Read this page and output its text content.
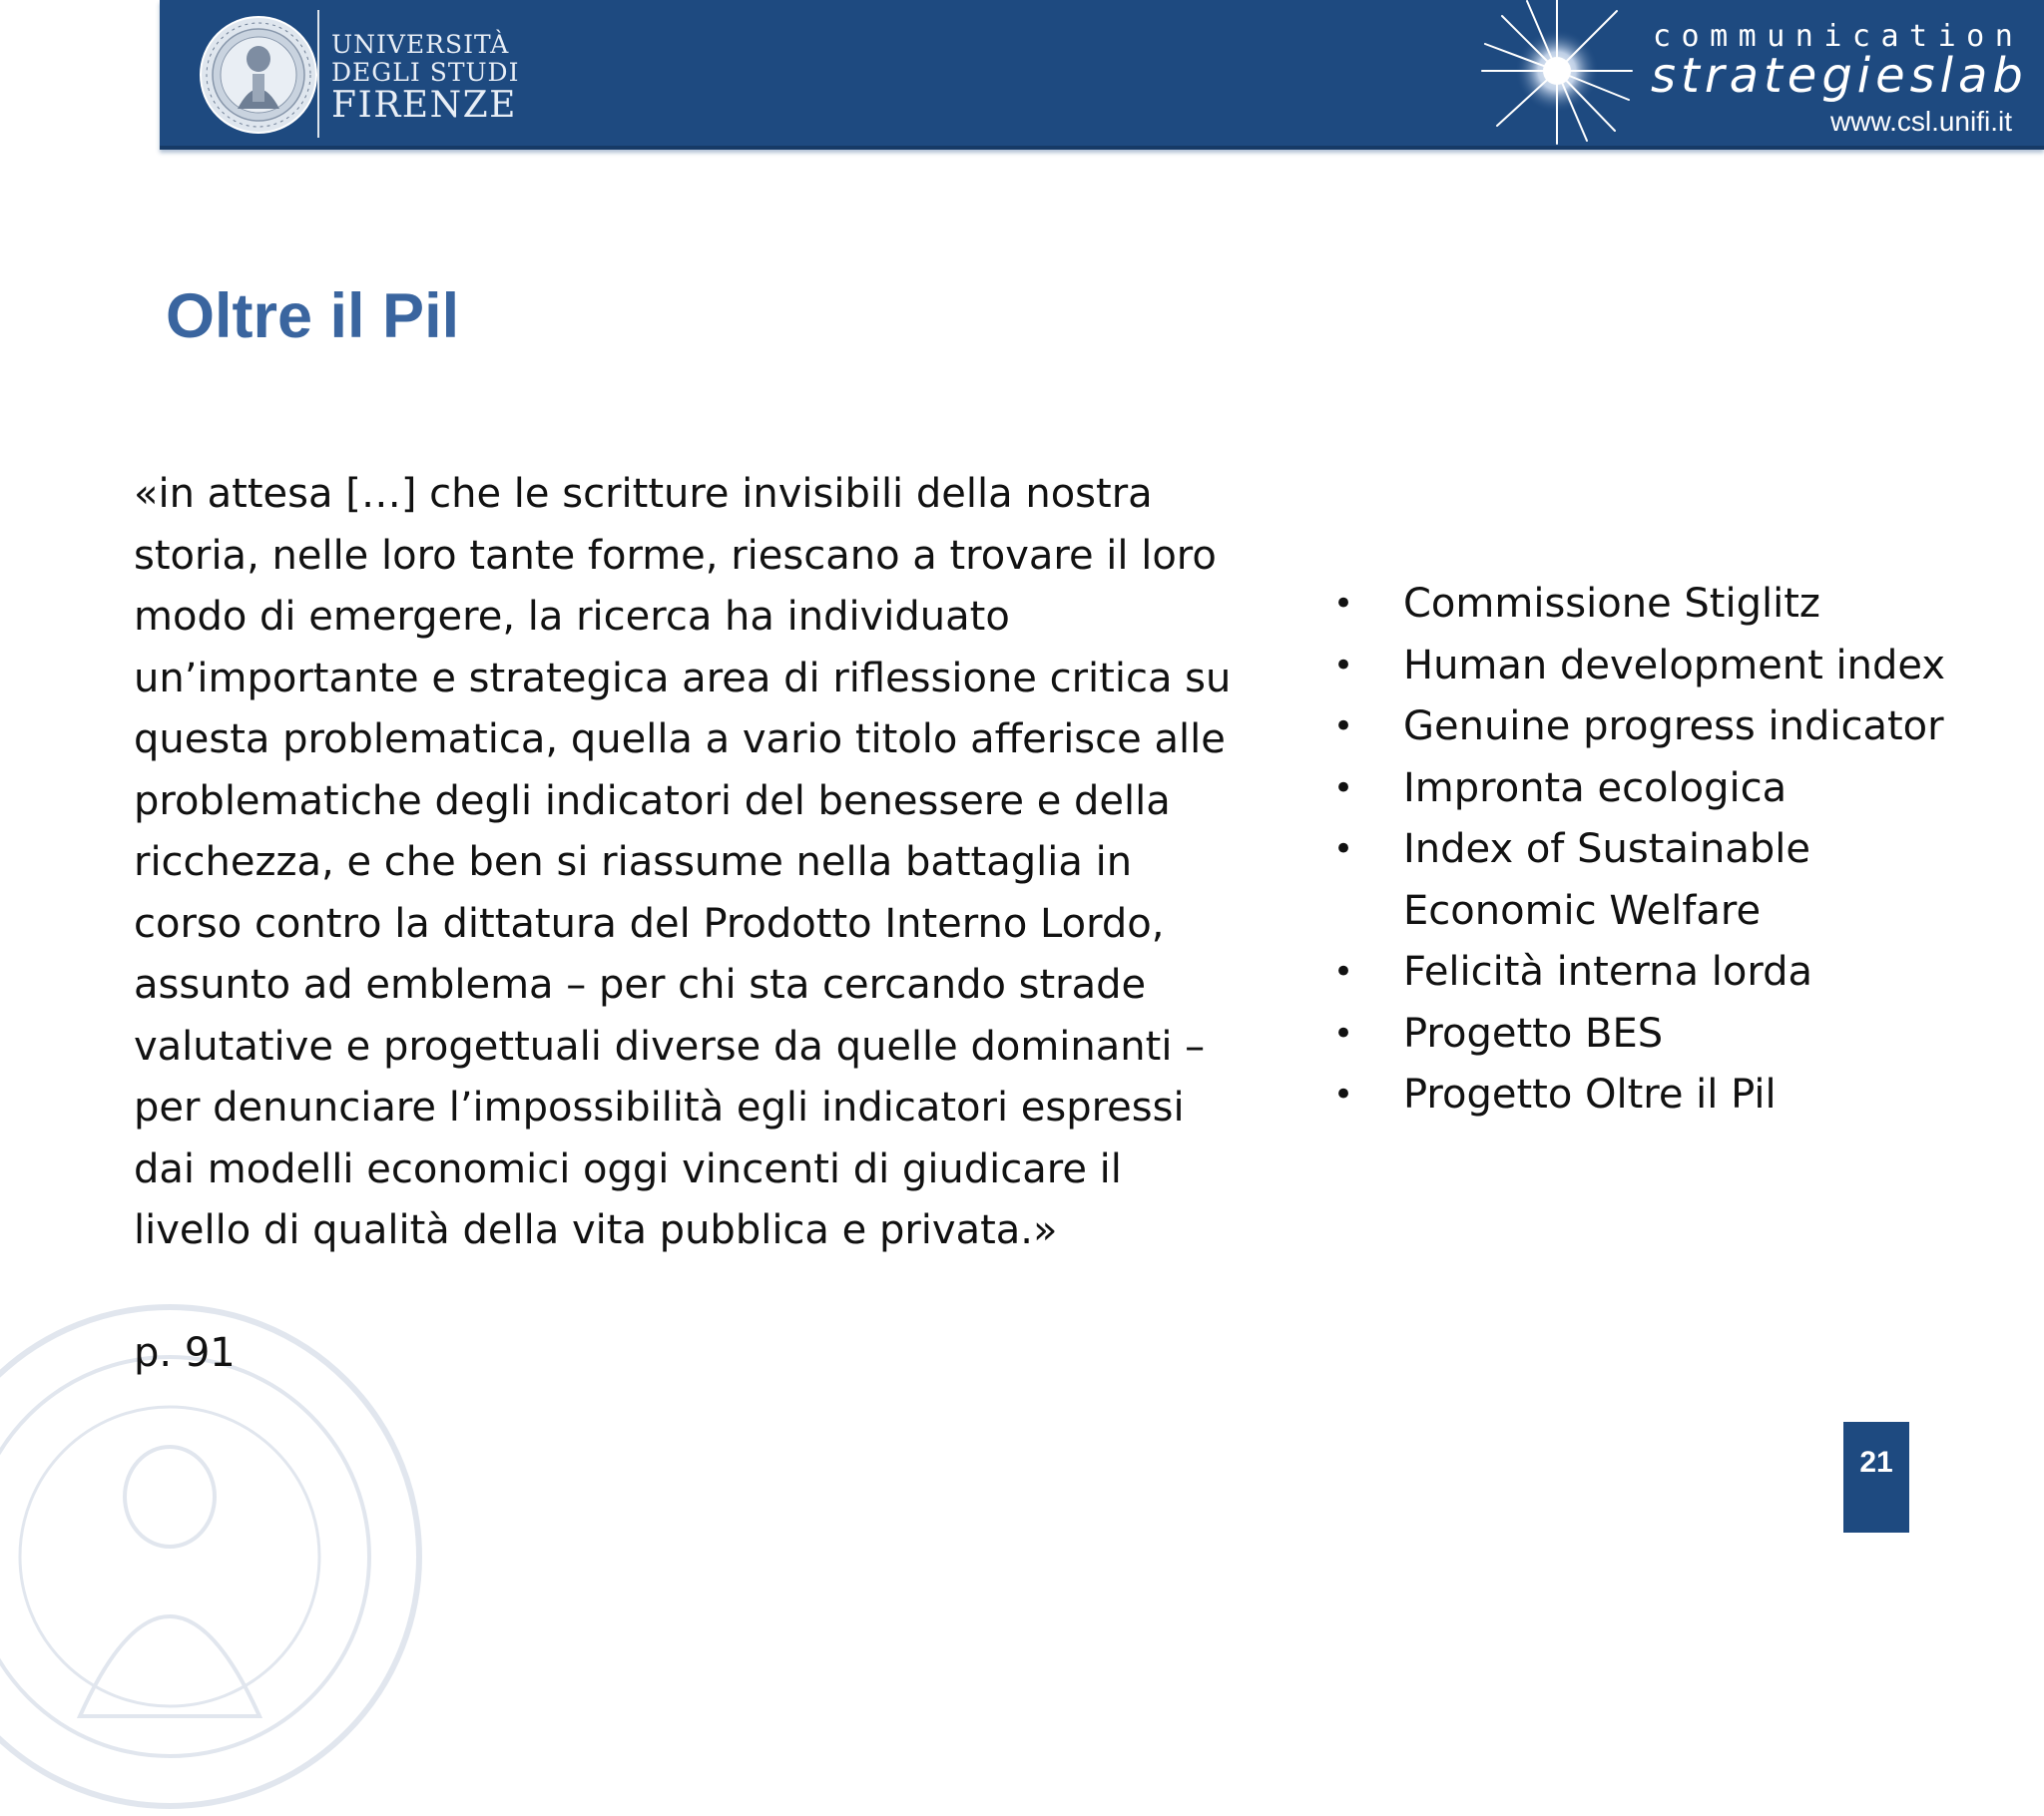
UNIVERSITÀ
DEGLI STUDI
FIRENZE
communication
strategieslab
www.csl.unifi.it
Oltre il Pil

«in attesa […] che le scritture invisibili della nostra storia, nelle loro tante forme, riescano a trovare il loro modo di emergere, la ricerca ha individuato un’importante e strategica area di riflessione critica su questa problematica, quella a vario titolo afferisce alle problematiche degli indicatori del benessere e della ricchezza, e che ben si riassume nella battaglia in corso contro la dittatura del Prodotto Interno Lordo, assunto ad emblema – per chi sta cercando strade valutative e progettuali diverse da quelle dominanti – per denunciare l’impossibilità egli indicatori espressi dai modelli economici oggi vincenti di giudicare il livello di qualità della vita pubblica e privata.»

p. 91
• Commissione Stiglitz
• Human development index
• Genuine progress indicator
• Impronta ecologica
• Index of Sustainable Economic Welfare
• Felicità interna lorda
• Progetto BES
• Progetto Oltre il Pil
21
